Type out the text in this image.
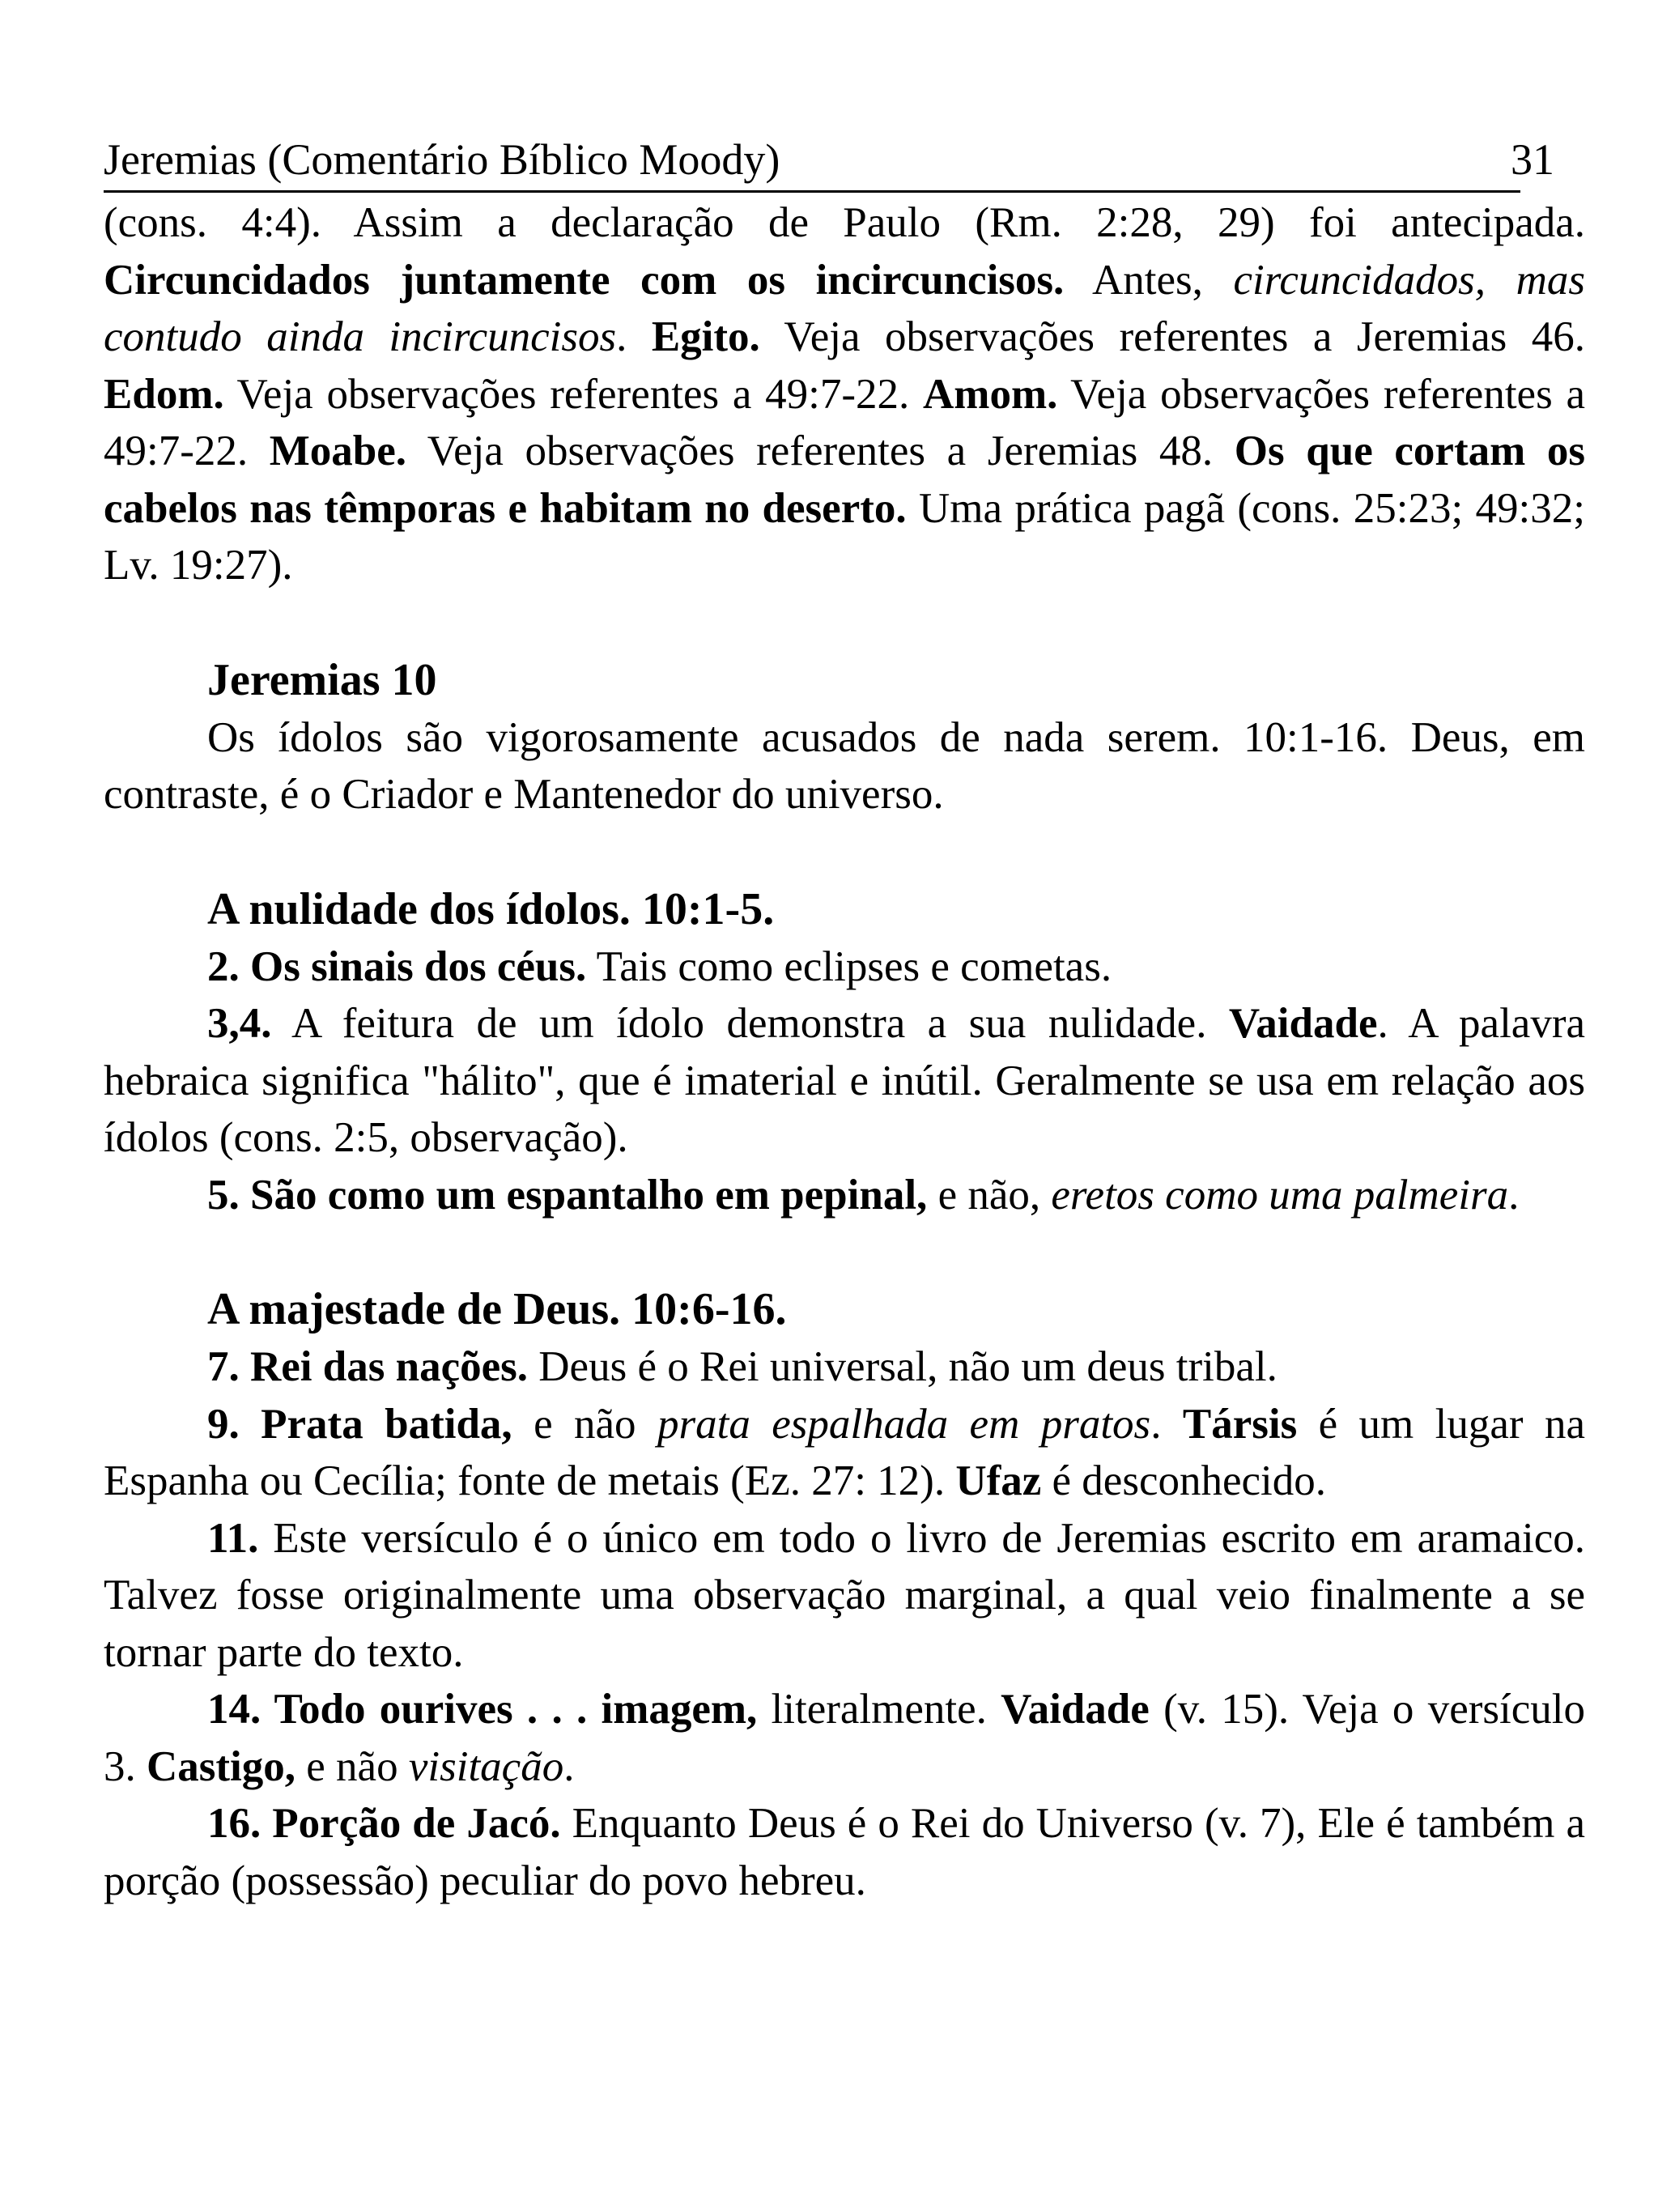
Jeremias (Comentário Bíblico Moody)	31

(cons. 4:4). Assim a declaração de Paulo (Rm. 2:28, 29) foi antecipada. Circuncidados juntamente com os incircuncisos. Antes, circuncidados, mas contudo ainda incircuncisos. Egito. Veja observações referentes a Jeremias 46. Edom. Veja observações referentes a 49:7-22. Amom. Veja observações referentes a 49:7-22. Moabe. Veja observações referentes a Jeremias 48. Os que cortam os cabelos nas têmporas e habitam no deserto. Uma prática pagã (cons. 25:23; 49:32; Lv. 19:27).

Jeremias 10

Os ídolos são vigorosamente acusados de nada serem. 10:1-16. Deus, em contraste, é o Criador e Mantenedor do universo.

A nulidade dos ídolos. 10:1-5.

2. Os sinais dos céus. Tais como eclipses e cometas.

3,4. A feitura de um ídolo demonstra a sua nulidade. Vaidade. A palavra hebraica significa "hálito", que é imaterial e inútil. Geralmente se usa em relação aos ídolos (cons. 2:5, observação).

5. São como um espantalho em pepinal, e não, eretos como uma palmeira.

A majestade de Deus. 10:6-16.

7. Rei das nações. Deus é o Rei universal, não um deus tribal.

9. Prata batida, e não prata espalhada em pratos. Társis é um lugar na Espanha ou Cecília; fonte de metais (Ez. 27: 12). Ufaz é desconhecido.

11. Este versículo é o único em todo o livro de Jeremias escrito em aramaico. Talvez fosse originalmente uma observação marginal, a qual veio finalmente a se tornar parte do texto.

14. Todo ourives . . . imagem, literalmente. Vaidade (v. 15). Veja o versículo 3. Castigo, e não visitação.

16. Porção de Jacó. Enquanto Deus é o Rei do Universo (v. 7), Ele é também a porção (possessão) peculiar do povo hebreu.
